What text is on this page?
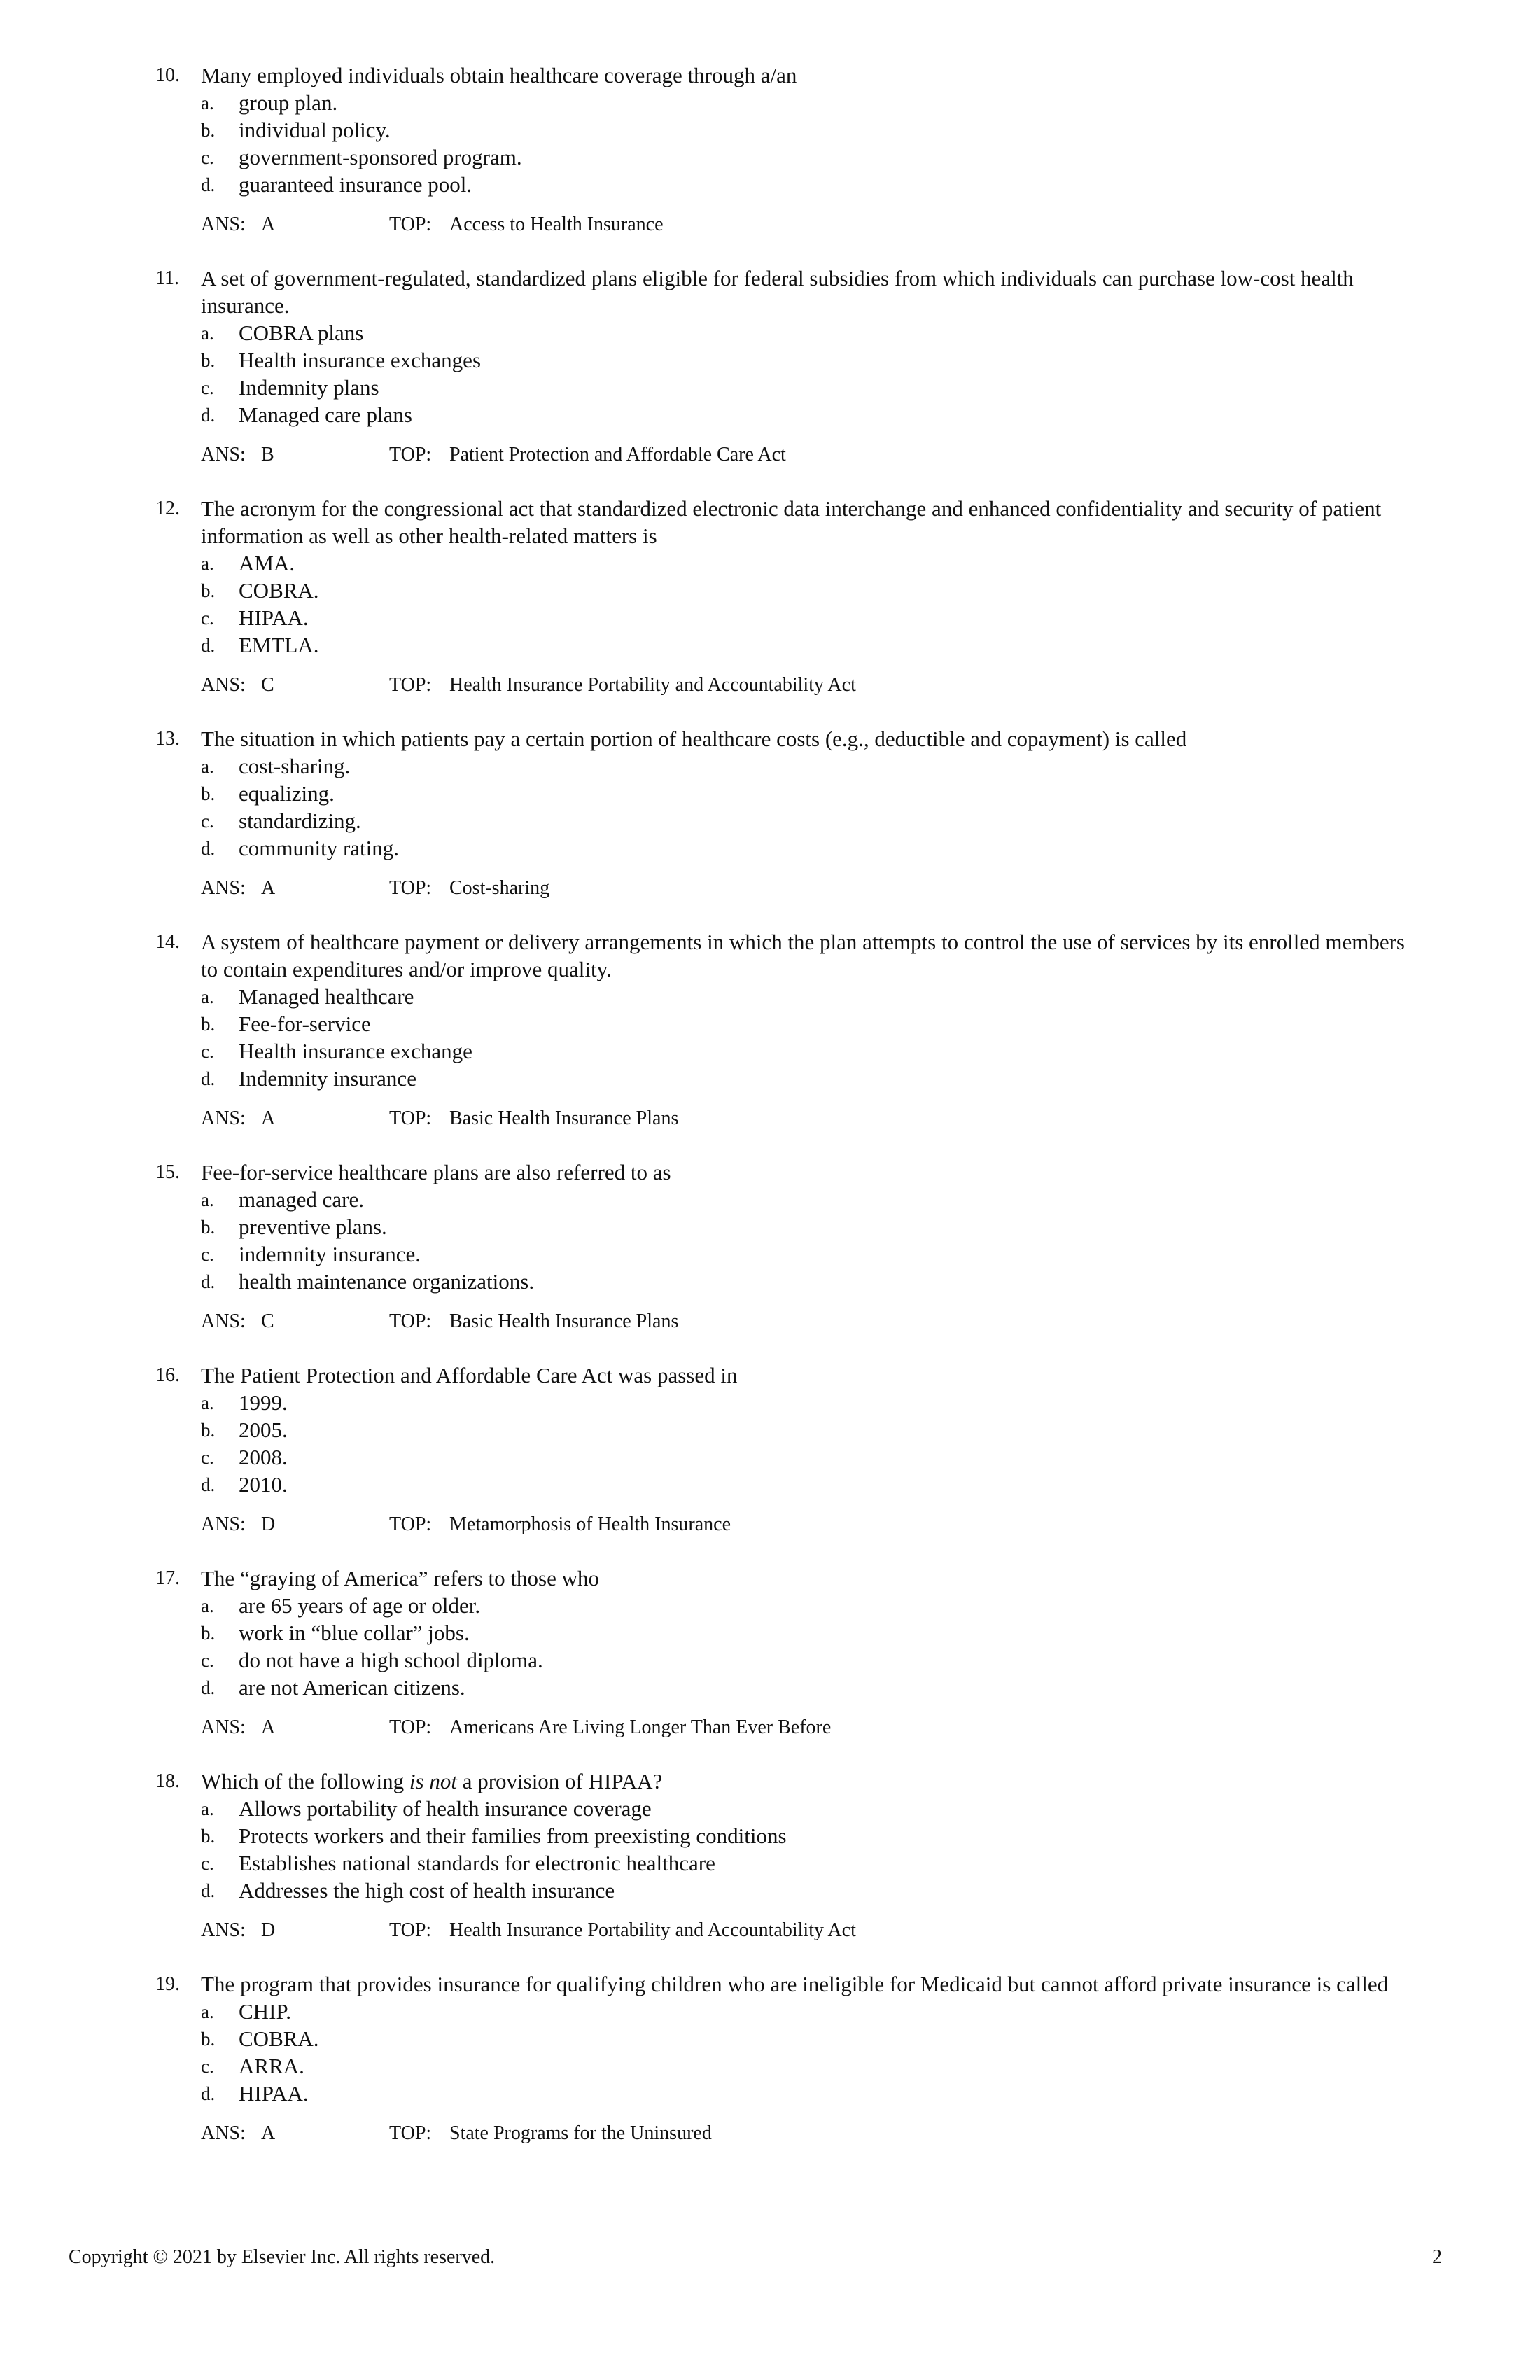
10. Many employed individuals obtain healthcare coverage through a/an
a. group plan.
b. individual policy.
c. government-sponsored program.
d. guaranteed insurance pool.
ANS: A	TOP: Access to Health Insurance
11. A set of government-regulated, standardized plans eligible for federal subsidies from which individuals can purchase low-cost health insurance.
a. COBRA plans
b. Health insurance exchanges
c. Indemnity plans
d. Managed care plans
ANS: B	TOP: Patient Protection and Affordable Care Act
12. The acronym for the congressional act that standardized electronic data interchange and enhanced confidentiality and security of patient information as well as other health-related matters is
a. AMA.
b. COBRA.
c. HIPAA.
d. EMTLA.
ANS: C	TOP: Health Insurance Portability and Accountability Act
13. The situation in which patients pay a certain portion of healthcare costs (e.g., deductible and copayment) is called
a. cost-sharing.
b. equalizing.
c. standardizing.
d. community rating.
ANS: A	TOP: Cost-sharing
14. A system of healthcare payment or delivery arrangements in which the plan attempts to control the use of services by its enrolled members to contain expenditures and/or improve quality.
a. Managed healthcare
b. Fee-for-service
c. Health insurance exchange
d. Indemnity insurance
ANS: A	TOP: Basic Health Insurance Plans
15. Fee-for-service healthcare plans are also referred to as
a. managed care.
b. preventive plans.
c. indemnity insurance.
d. health maintenance organizations.
ANS: C	TOP: Basic Health Insurance Plans
16. The Patient Protection and Affordable Care Act was passed in
a. 1999.
b. 2005.
c. 2008.
d. 2010.
ANS: D	TOP: Metamorphosis of Health Insurance
17. The “graying of America” refers to those who
a. are 65 years of age or older.
b. work in “blue collar” jobs.
c. do not have a high school diploma.
d. are not American citizens.
ANS: A	TOP: Americans Are Living Longer Than Ever Before
18. Which of the following is not a provision of HIPAA?
a. Allows portability of health insurance coverage
b. Protects workers and their families from preexisting conditions
c. Establishes national standards for electronic healthcare
d. Addresses the high cost of health insurance
ANS: D	TOP: Health Insurance Portability and Accountability Act
19. The program that provides insurance for qualifying children who are ineligible for Medicaid but cannot afford private insurance is called
a. CHIP.
b. COBRA.
c. ARRA.
d. HIPAA.
ANS: A	TOP: State Programs for the Uninsured
Copyright © 2021 by Elsevier Inc. All rights reserved.	2
